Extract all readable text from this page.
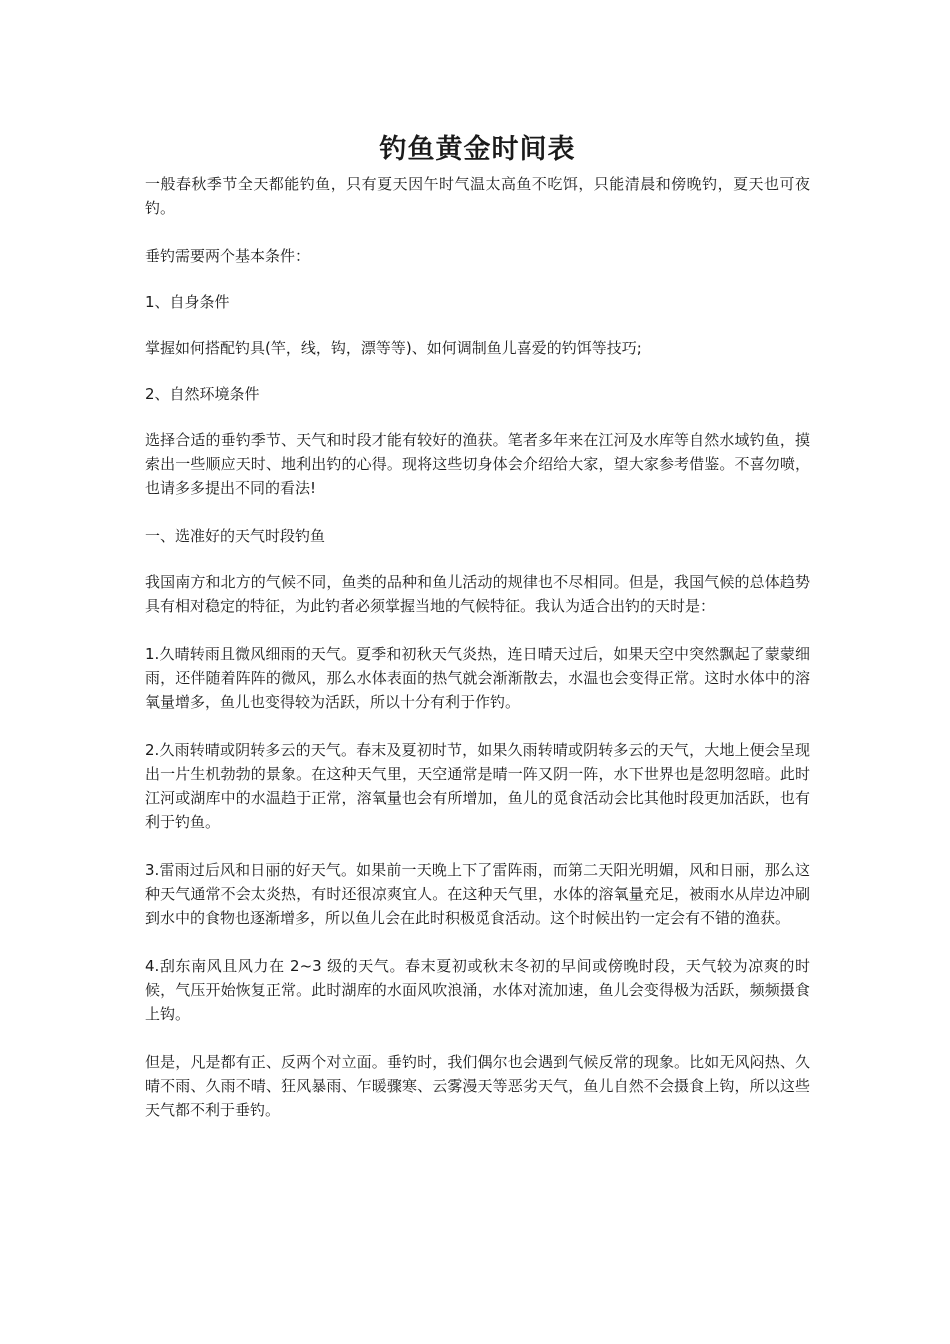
钓鱼黄金时间表

一般春秋季节全天都能钓鱼，只有夏天因午时气温太高鱼不吃饵，只能清晨和傍晚钓，夏天也可夜钓。

垂钓需要两个基本条件：

1、自身条件

掌握如何搭配钓具(竿，线，钩，漂等等)、如何调制鱼儿喜爱的钓饵等技巧;

2、自然环境条件

选择合适的垂钓季节、天气和时段才能有较好的渔获。笔者多年来在江河及水库等自然水域钓鱼，摸索出一些顺应天时、地利出钓的心得。现将这些切身体会介绍给大家，望大家参考借鉴。不喜勿喷，也请多多提出不同的看法!

一、选准好的天气时段钓鱼

我国南方和北方的气候不同，鱼类的品种和鱼儿活动的规律也不尽相同。但是，我国气候的总体趋势具有相对稳定的特征，为此钓者必须掌握当地的气候特征。我认为适合出钓的天时是：

1.久晴转雨且微风细雨的天气。夏季和初秋天气炎热，连日晴天过后，如果天空中突然飘起了蒙蒙细雨，还伴随着阵阵的微风，那么水体表面的热气就会渐渐散去，水温也会变得正常。这时水体中的溶氧量增多，鱼儿也变得较为活跃，所以十分有利于作钓。

2.久雨转晴或阴转多云的天气。春末及夏初时节，如果久雨转晴或阴转多云的天气，大地上便会呈现出一片生机勃勃的景象。在这种天气里，天空通常是晴一阵又阴一阵，水下世界也是忽明忽暗。此时江河或湖库中的水温趋于正常，溶氧量也会有所增加，鱼儿的觅食活动会比其他时段更加活跃，也有利于钓鱼。

3.雷雨过后风和日丽的好天气。如果前一天晚上下了雷阵雨，而第二天阳光明媚，风和日丽，那么这种天气通常不会太炎热，有时还很凉爽宜人。在这种天气里，水体的溶氧量充足，被雨水从岸边冲刷到水中的食物也逐渐增多，所以鱼儿会在此时积极觅食活动。这个时候出钓一定会有不错的渔获。

4.刮东南风且风力在 2~3 级的天气。春末夏初或秋末冬初的早间或傍晚时段，天气较为凉爽的时候，气压开始恢复正常。此时湖库的水面风吹浪涌，水体对流加速，鱼儿会变得极为活跃，频频摄食上钩。

但是，凡是都有正、反两个对立面。垂钓时，我们偶尔也会遇到气候反常的现象。比如无风闷热、久晴不雨、久雨不晴、狂风暴雨、乍暖骤寒、云雾漫天等恶劣天气，鱼儿自然不会摄食上钩，所以这些天气都不利于垂钓。
